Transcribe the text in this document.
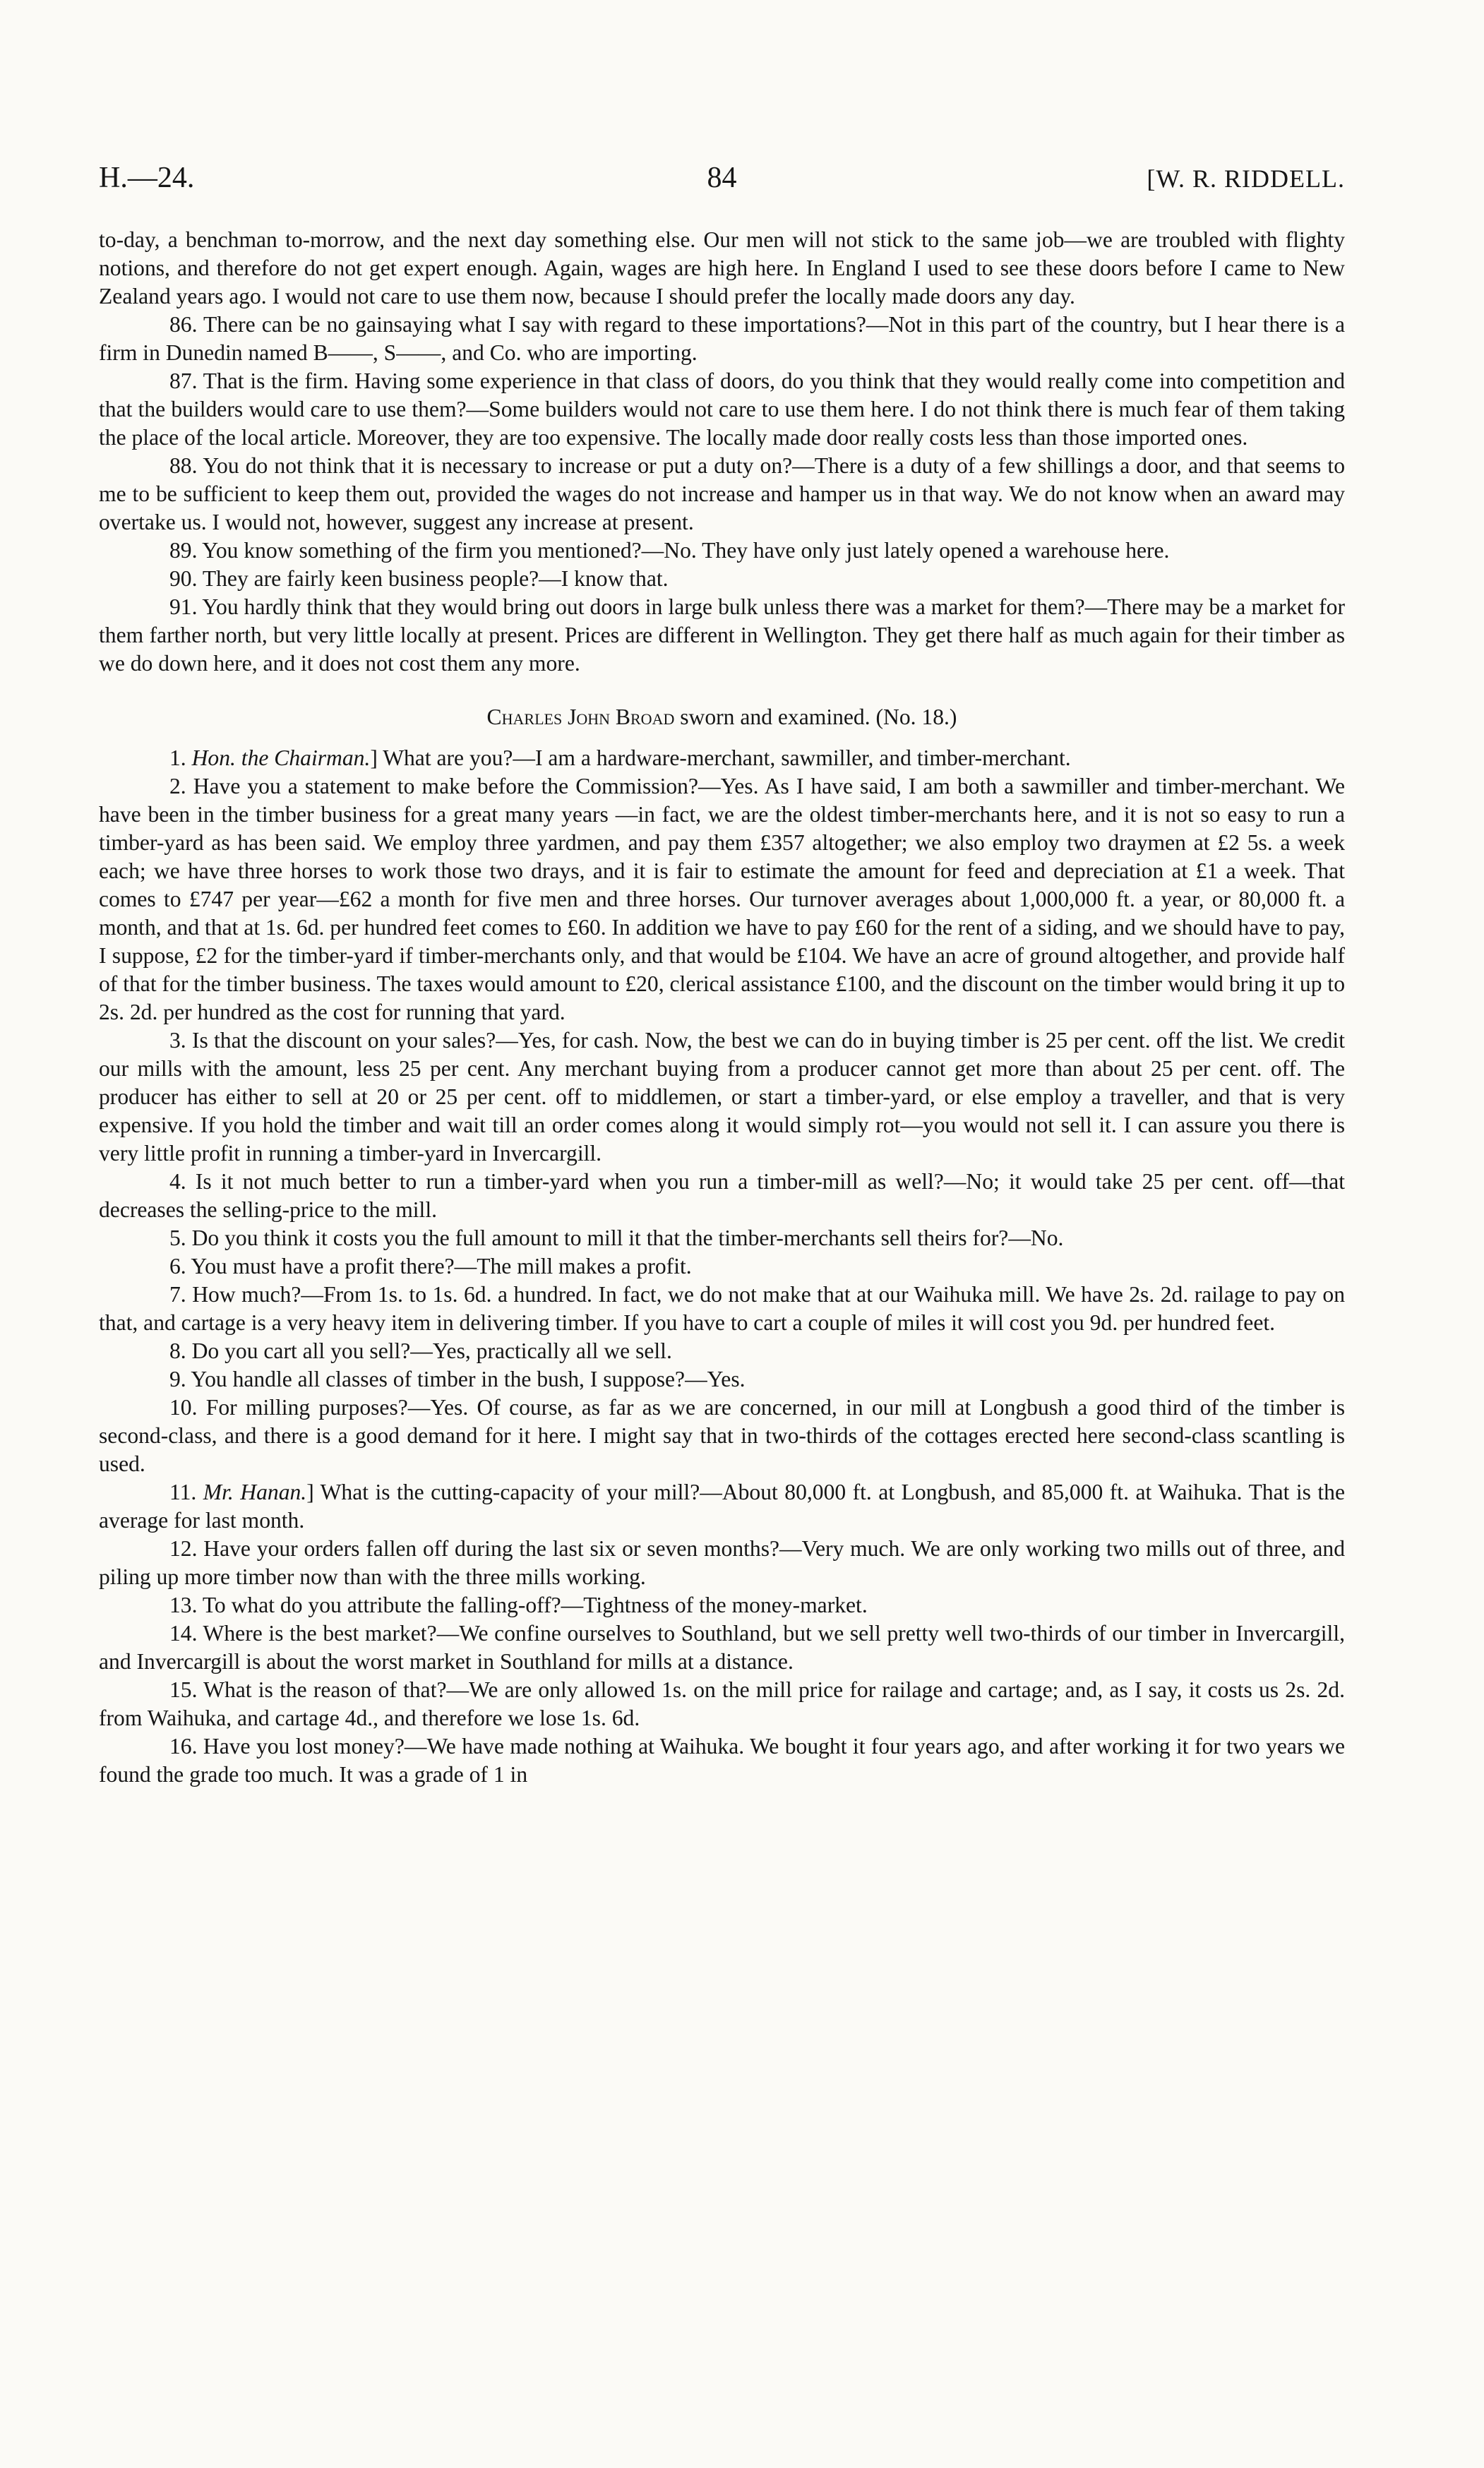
H.—24.	84	[W. R. RIDDELL.

to-day, a benchman to-morrow, and the next day something else. Our men will not stick to the same job—we are troubled with flighty notions, and therefore do not get expert enough. Again, wages are high here. In England I used to see these doors before I came to New Zealand years ago. I would not care to use them now, because I should prefer the locally made doors any day.

86. There can be no gainsaying what I say with regard to these importations?—Not in this part of the country, but I hear there is a firm in Dunedin named B——, S——, and Co. who are importing.

87. That is the firm. Having some experience in that class of doors, do you think that they would really come into competition and that the builders would care to use them?—Some builders would not care to use them here. I do not think there is much fear of them taking the place of the local article. Moreover, they are too expensive. The locally made door really costs less than those imported ones.

88. You do not think that it is necessary to increase or put a duty on?—There is a duty of a few shillings a door, and that seems to me to be sufficient to keep them out, provided the wages do not increase and hamper us in that way. We do not know when an award may overtake us. I would not, however, suggest any increase at present.

89. You know something of the firm you mentioned?—No. They have only just lately opened a warehouse here.

90. They are fairly keen business people?—I know that.

91. You hardly think that they would bring out doors in large bulk unless there was a market for them?—There may be a market for them farther north, but very little locally at present. Prices are different in Wellington. They get there half as much again for their timber as we do down here, and it does not cost them any more.

Charles John Broad sworn and examined. (No. 18.)

1. Hon. the Chairman.] What are you?—I am a hardware-merchant, sawmiller, and timber-merchant.

2. Have you a statement to make before the Commission?—Yes. As I have said, I am both a sawmiller and timber-merchant. We have been in the timber business for a great many years —in fact, we are the oldest timber-merchants here, and it is not so easy to run a timber-yard as has been said. We employ three yardmen, and pay them £357 altogether; we also employ two draymen at £2 5s. a week each; we have three horses to work those two drays, and it is fair to estimate the amount for feed and depreciation at £1 a week. That comes to £747 per year—£62 a month for five men and three horses. Our turnover averages about 1,000,000 ft. a year, or 80,000 ft. a month, and that at 1s. 6d. per hundred feet comes to £60. In addition we have to pay £60 for the rent of a siding, and we should have to pay, I suppose, £2 for the timber-yard if timber-merchants only, and that would be £104. We have an acre of ground altogether, and provide half of that for the timber business. The taxes would amount to £20, clerical assistance £100, and the discount on the timber would bring it up to 2s. 2d. per hundred as the cost for running that yard.

3. Is that the discount on your sales?—Yes, for cash. Now, the best we can do in buying timber is 25 per cent. off the list. We credit our mills with the amount, less 25 per cent. Any merchant buying from a producer cannot get more than about 25 per cent. off. The producer has either to sell at 20 or 25 per cent. off to middlemen, or start a timber-yard, or else employ a traveller, and that is very expensive. If you hold the timber and wait till an order comes along it would simply rot—you would not sell it. I can assure you there is very little profit in running a timber-yard in Invercargill.

4. Is it not much better to run a timber-yard when you run a timber-mill as well?—No; it would take 25 per cent. off—that decreases the selling-price to the mill.

5. Do you think it costs you the full amount to mill it that the timber-merchants sell theirs for?—No.

6. You must have a profit there?—The mill makes a profit.

7. How much?—From 1s. to 1s. 6d. a hundred. In fact, we do not make that at our Waihuka mill. We have 2s. 2d. railage to pay on that, and cartage is a very heavy item in delivering timber. If you have to cart a couple of miles it will cost you 9d. per hundred feet.

8. Do you cart all you sell?—Yes, practically all we sell.

9. You handle all classes of timber in the bush, I suppose?—Yes.

10. For milling purposes?—Yes. Of course, as far as we are concerned, in our mill at Longbush a good third of the timber is second-class, and there is a good demand for it here. I might say that in two-thirds of the cottages erected here second-class scantling is used.

11. Mr. Hanan.] What is the cutting-capacity of your mill?—About 80,000 ft. at Longbush, and 85,000 ft. at Waihuka. That is the average for last month.

12. Have your orders fallen off during the last six or seven months?—Very much. We are only working two mills out of three, and piling up more timber now than with the three mills working.

13. To what do you attribute the falling-off?—Tightness of the money-market.

14. Where is the best market?—We confine ourselves to Southland, but we sell pretty well two-thirds of our timber in Invercargill, and Invercargill is about the worst market in Southland for mills at a distance.

15. What is the reason of that?—We are only allowed 1s. on the mill price for railage and cartage; and, as I say, it costs us 2s. 2d. from Waihuka, and cartage 4d., and therefore we lose 1s. 6d.

16. Have you lost money?—We have made nothing at Waihuka. We bought it four years ago, and after working it for two years we found the grade too much. It was a grade of 1 in
